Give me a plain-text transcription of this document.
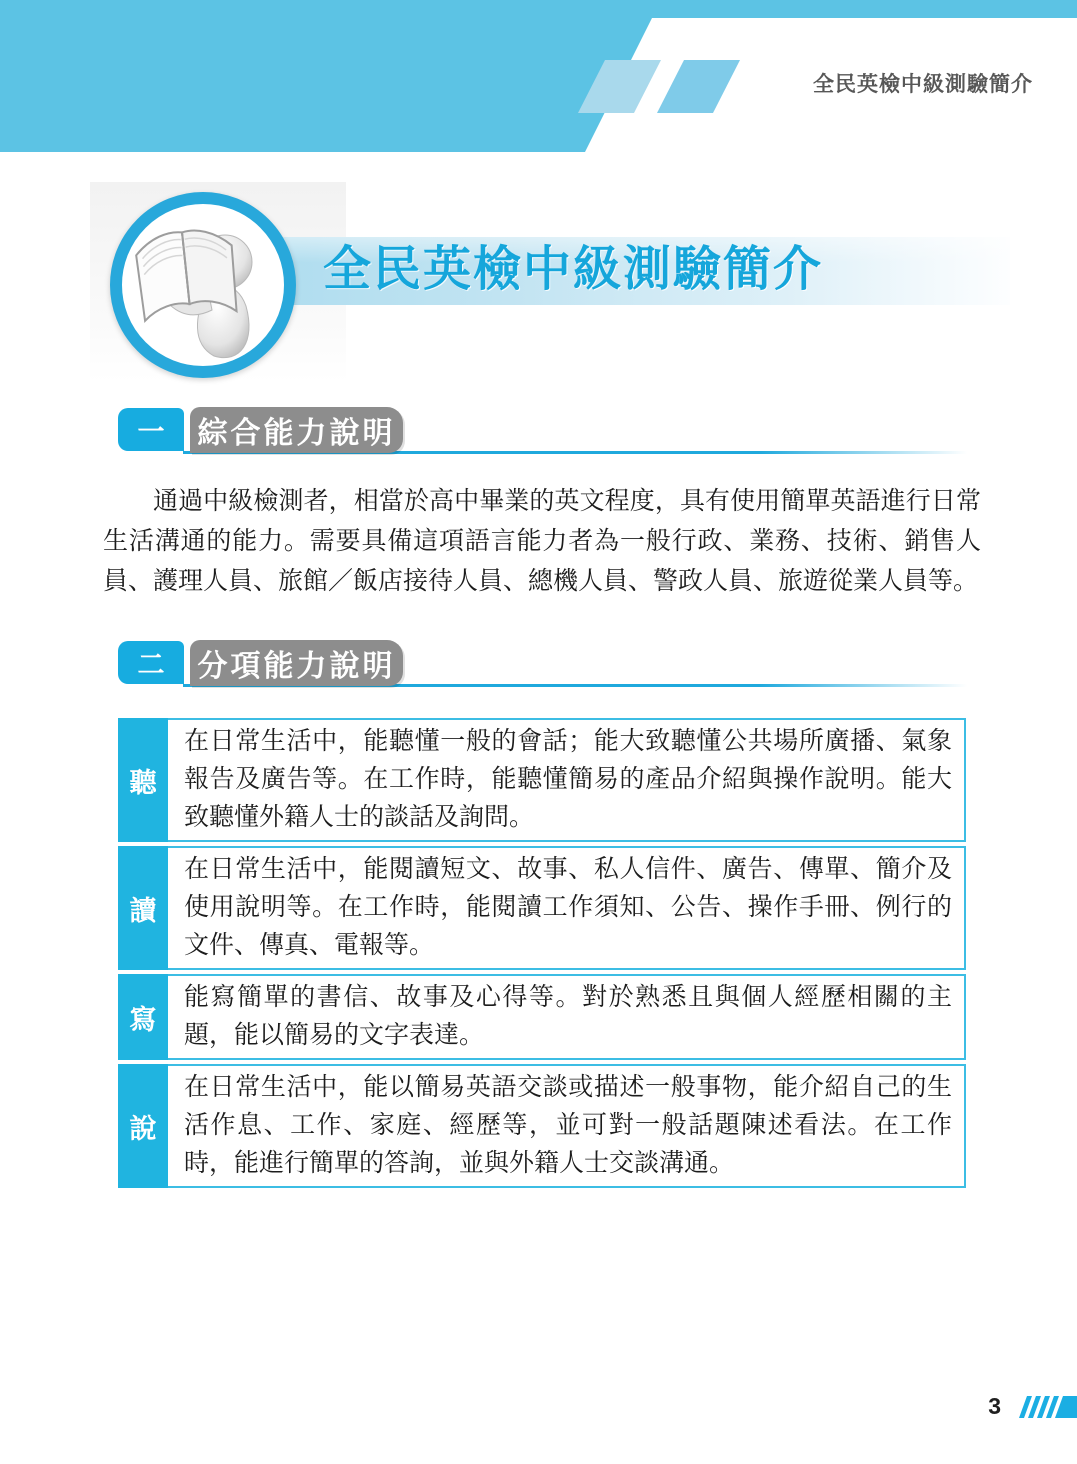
全民英檢中級測驗簡介
全民英檢中級測驗簡介
一	綜合能力說明

通過中級檢測者，相當於高中畢業的英文程度，具有使用簡單英語進行日常生活溝通的能力。需要具備這項語言能力者為一般行政、業務、技術、銷售人員、護理人員、旅館／飯店接待人員、總機人員、警政人員、旅遊從業人員等。

二	分項能力說明
聽
在日常生活中，能聽懂一般的會話；能大致聽懂公共場所廣播、氣象報告及廣告等。在工作時，能聽懂簡易的產品介紹與操作說明。能大致聽懂外籍人士的談話及詢問。
讀
在日常生活中，能閱讀短文、故事、私人信件、廣告、傳單、簡介及使用說明等。在工作時，能閱讀工作須知、公告、操作手冊、例行的文件、傳真、電報等。
寫
能寫簡單的書信、故事及心得等。對於熟悉且與個人經歷相關的主題，能以簡易的文字表達。
說
在日常生活中，能以簡易英語交談或描述一般事物，能介紹自己的生活作息、工作、家庭、經歷等，並可對一般話題陳述看法。在工作時，能進行簡單的答詢，並與外籍人士交談溝通。
3
